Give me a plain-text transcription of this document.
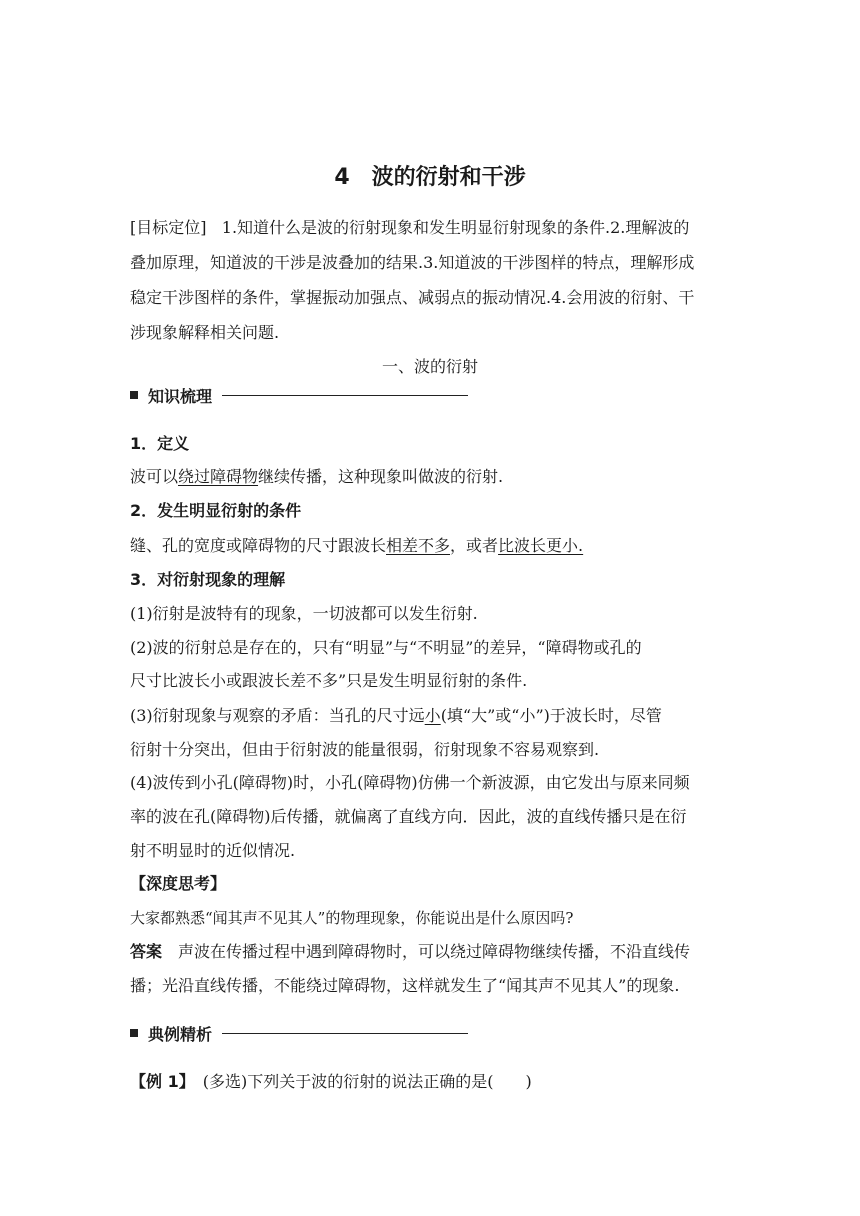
4　波的衍射和干涉
[目标定位] 1.知道什么是波的衍射现象和发生明显衍射现象的条件.2.理解波的
叠加原理，知道波的干涉是波叠加的结果.3.知道波的干涉图样的特点，理解形成
稳定干涉图样的条件，掌握振动加强点、减弱点的振动情况.4.会用波的衍射、干
涉现象解释相关问题.
一、波的衍射
知识梳理
1．定义
波可以绕过障碍物继续传播，这种现象叫做波的衍射.
2．发生明显衍射的条件
缝、孔的宽度或障碍物的尺寸跟波长相差不多，或者比波长更小.
3．对衍射现象的理解
(1)衍射是波特有的现象，一切波都可以发生衍射.
(2)波的衍射总是存在的，只有“明显”与“不明显”的差异，“障碍物或孔的
尺寸比波长小或跟波长差不多”只是发生明显衍射的条件.
(3)衍射现象与观察的矛盾：当孔的尺寸远小(填“大”或“小”)于波长时，尽管
衍射十分突出，但由于衍射波的能量很弱，衍射现象不容易观察到.
(4)波传到小孔(障碍物)时，小孔(障碍物)仿佛一个新波源，由它发出与原来同频
率的波在孔(障碍物)后传播，就偏离了直线方向．因此，波的直线传播只是在衍
射不明显时的近似情况.
【深度思考】
大家都熟悉“闻其声不见其人”的物理现象，你能说出是什么原因吗?
答案　声波在传播过程中遇到障碍物时，可以绕过障碍物继续传播，不沿直线传
播；光沿直线传播，不能绕过障碍物，这样就发生了“闻其声不见其人”的现象.
典例精析
【例 1】　(多选)下列关于波的衍射的说法正确的是(　　)
